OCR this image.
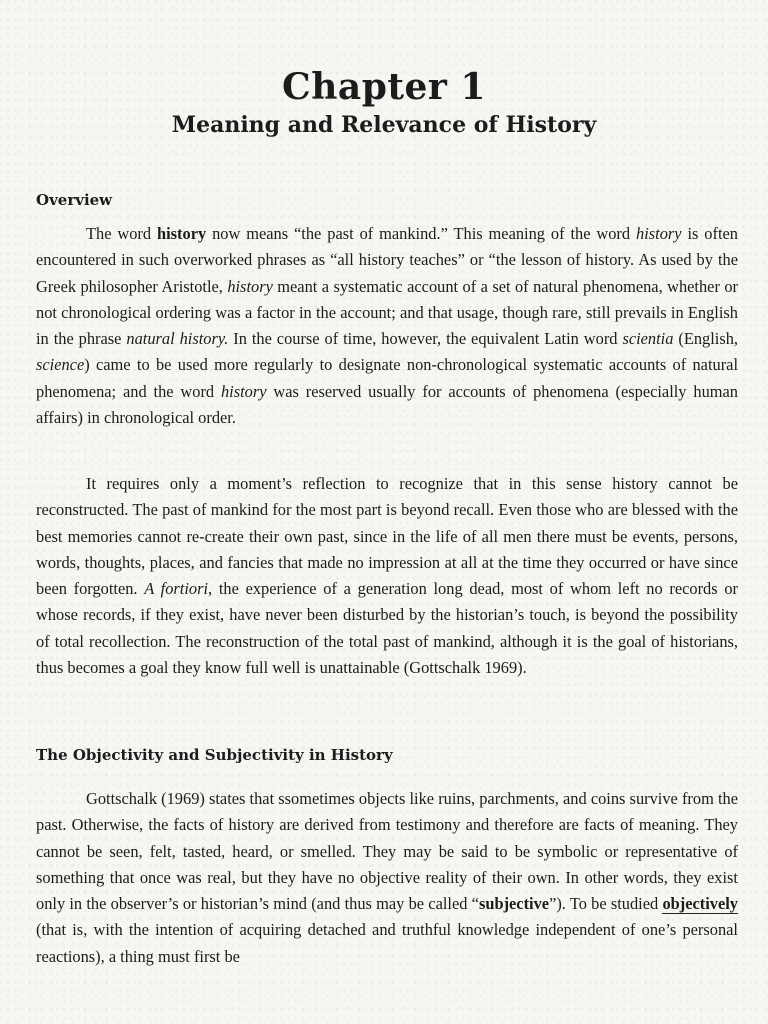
Chapter 1
Meaning and Relevance of History
Overview

The word history now means “the past of mankind.” This meaning of the word history is often encountered in such overworked phrases as “all history teaches” or “the lesson of history. As used by the Greek philosopher Aristotle, history meant a systematic account of a set of natural phenomena, whether or not chronological ordering was a factor in the account; and that usage, though rare, still prevails in English in the phrase natural history. In the course of time, however, the equivalent Latin word scientia (English, science) came to be used more regularly to designate non-chronological systematic accounts of natural phenomena; and the word history was reserved usually for accounts of phenomena (especially human affairs) in chronological order.

It requires only a moment’s reflection to recognize that in this sense history cannot be reconstructed. The past of mankind for the most part is beyond recall. Even those who are blessed with the best memories cannot re-create their own past, since in the life of all men there must be events, persons, words, thoughts, places, and fancies that made no impression at all at the time they occurred or have since been forgotten. A fortiori, the experience of a generation long dead, most of whom left no records or whose records, if they exist, have never been disturbed by the historian’s touch, is beyond the possibility of total recollection. The reconstruction of the total past of mankind, although it is the goal of historians, thus becomes a goal they know full well is unattainable (Gottschalk 1969).

The Objectivity and Subjectivity in History

Gottschalk (1969) states that ssometimes objects like ruins, parchments, and coins survive from the past. Otherwise, the facts of history are derived from testimony and therefore are facts of meaning. They cannot be seen, felt, tasted, heard, or smelled. They may be said to be symbolic or representative of something that once was real, but they have no objective reality of their own. In other words, they exist only in the observer’s or historian’s mind (and thus may be called “subjective”). To be studied objectively (that is, with the intention of acquiring detached and truthful knowledge independent of one’s personal reactions), a thing must first be
